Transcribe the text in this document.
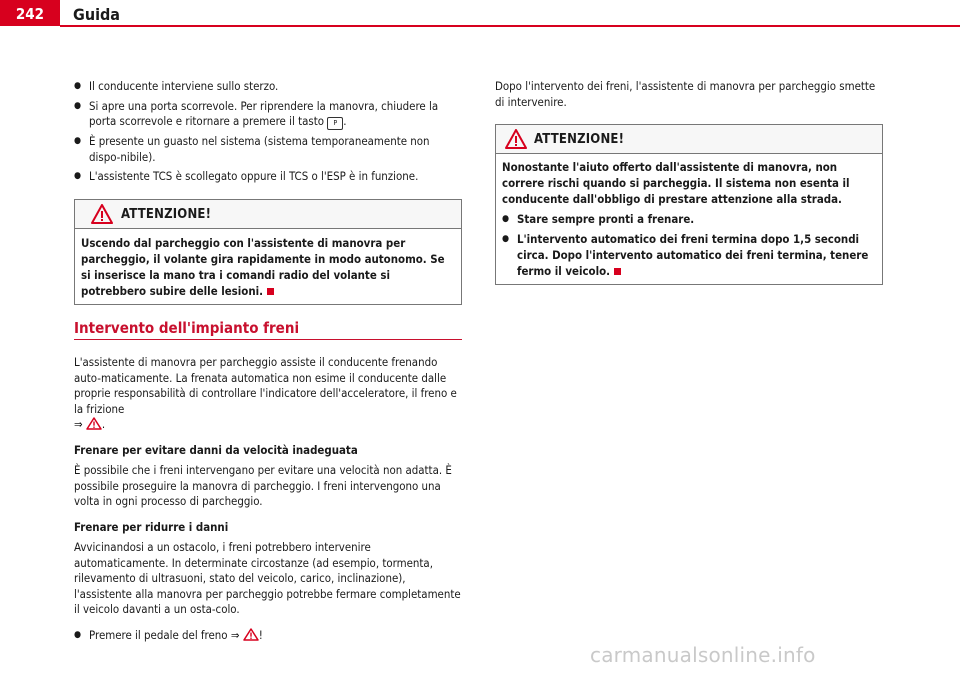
242	Guida

● Il conducente interviene sullo sterzo.

● Si apre una porta scorrevole. Per riprendere la manovra, chiudere la porta scorrevole e ritornare a premere il tasto P .

● È presente un guasto nel sistema (sistema temporaneamente non dispo-nibile).

● L'assistente TCS è scollegato oppure il TCS o l'ESP è in funzione.

ATTENZIONE!
Uscendo dal parcheggio con l'assistente di manovra per parcheggio, il volante gira rapidamente in modo autonomo. Se si inserisce la mano tra i comandi radio del volante si potrebbero subire delle lesioni.
Intervento dell'impianto freni

L'assistente di manovra per parcheggio assiste il conducente frenando auto-maticamente. La frenata automatica non esime il conducente dalle proprie responsabilità di controllare l'indicatore dell'acceleratore, il freno e la frizione
⇒ .

Frenare per evitare danni da velocità inadeguata

È possibile che i freni intervengano per evitare una velocità non adatta. È possibile proseguire la manovra di parcheggio. I freni intervengono una volta in ogni processo di parcheggio.

Frenare per ridurre i danni

Avvicinandosi a un ostacolo, i freni potrebbero intervenire automaticamente. In determinate circostanze (ad esempio, tormenta, rilevamento di ultrasuoni, stato del veicolo, carico, inclinazione), l'assistente alla manovra per parcheggio potrebbe fermare completamente il veicolo davanti a un osta-colo.

● Premere il pedale del freno ⇒ !

Dopo l'intervento dei freni, l'assistente di manovra per parcheggio smette di intervenire.
ATTENZIONE!

Nonostante l'aiuto offerto dall'assistente di manovra, non correre rischi quando si parcheggia. Il sistema non esenta il conducente dall'obbligo di prestare attenzione alla strada.

● Stare sempre pronti a frenare.

● L'intervento automatico dei freni termina dopo 1,5 secondi circa. Dopo l'intervento automatico dei freni termina, tenere fermo il veicolo.

carmanualsonline.info
